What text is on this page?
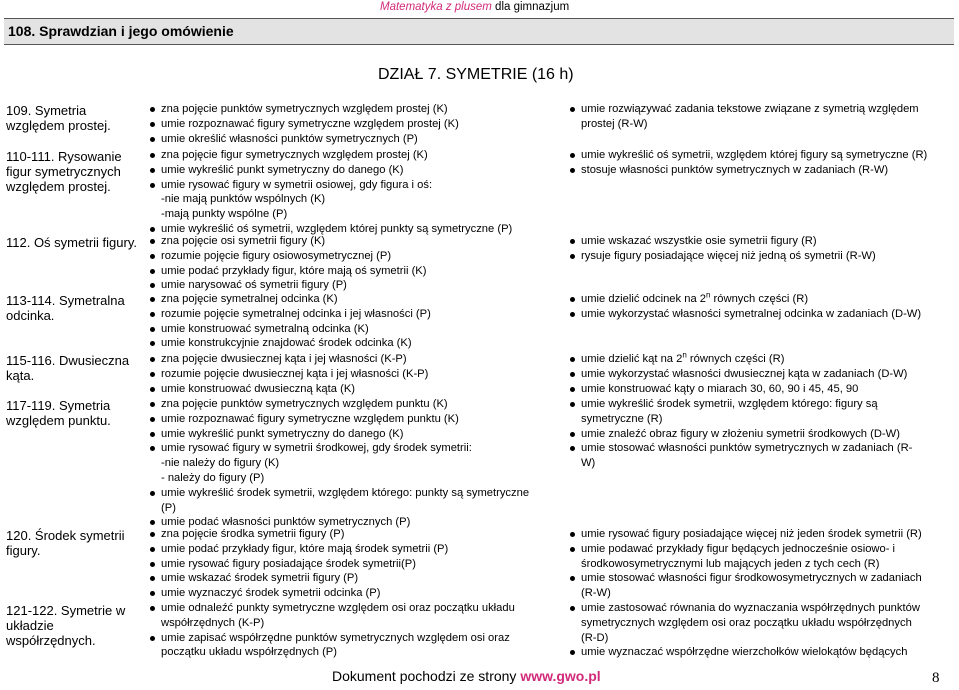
Matematyka z plusem dla gimnazjum
108. Sprawdzian i jego omówienie
DZIAŁ 7. SYMETRIE (16 h)
109. Symetria względem prostej.
zna pojęcie punktów symetrycznych względem prostej (K)
umie rozpoznawać figury symetryczne względem prostej (K)
umie określić własności punktów symetrycznych (P)
umie rozwiązywać zadania tekstowe związane z symetrią względem prostej (R-W)
110-111. Rysowanie figur symetrycznych względem prostej.
zna pojęcie figur symetrycznych względem prostej (K)
umie wykreślić punkt symetryczny do danego (K)
umie rysować figury w symetrii osiowej, gdy figura i oś:
-nie mają punktów wspólnych (K)
-mają punkty wspólne (P)
umie wykreślić oś symetrii, względem której punkty są symetryczne (P)
umie wykreślić oś symetrii, względem której figury są symetryczne (R)
stosuje własności punktów symetrycznych w zadaniach (R-W)
112. Oś symetrii figury.	zna pojęcie osi symetrii figury (K)
rozumie pojęcie figury osiowosymetrycznej (P)
umie podać przykłady figur, które mają oś symetrii (K)
umie narysować oś symetrii figury (P)
umie wskazać wszystkie osie symetrii figury (R)
rysuje figury posiadające więcej niż jedną oś symetrii (R-W)
113-114. Symetralna odcinka.
zna pojęcie symetralnej odcinka (K)
rozumie pojęcie symetralnej odcinka i jej własności (P)
umie konstruować symetralną odcinka (K)
umie konstrukcyjnie znajdować środek odcinka (K)
umie dzielić odcinek na 2$^n$ równych części (R)
umie wykorzystać własności symetralnej odcinka w zadaniach (D-W)
115-116. Dwusieczna kąta.
zna pojęcie dwusiecznej kąta i jej własności (K-P)
rozumie pojęcie dwusiecznej kąta i jej własności (K-P)
umie konstruować dwusieczną kąta (K)
umie dzielić kąt na 2$^n$ równych części (R)
umie wykorzystać własności dwusiecznej kąta w zadaniach (D-W)
umie konstruować kąty o miarach 30, 60, 90 i 45, 45, 90
117-119. Symetria względem punktu.
zna pojęcie punktów symetrycznych względem punktu (K)
umie rozpoznawać figury symetryczne względem punktu (K)
umie wykreślić punkt symetryczny do danego (K)
umie rysować figury w symetrii środkowej, gdy środek symetrii:
-nie należy do figury (K)
- należy do figury (P)
umie wykreślić środek symetrii, względem którego: punkty są symetryczne
(P)
umie podać własności punktów symetrycznych (P)
umie wykreślić środek symetrii, względem którego: figury są
symetryczne (R)
umie znaleźć obraz figury w złożeniu symetrii środkowych (D-W)
umie stosować własności punktów symetrycznych w zadaniach (R-
W)
120. Środek symetrii figury.
zna pojęcie środka symetrii figury (P)
umie podać przykłady figur, które mają środek symetrii (P)
umie rysować figury posiadające środek symetrii(P)
umie wskazać środek symetrii figury (P)
umie wyznaczyć środek symetrii odcinka (P)
umie rysować figury posiadające więcej niż jeden środek symetrii (R)
umie podawać przykłady figur będących jednocześnie osiowo- i
środkowosymetrycznymi lub mających jeden z tych cech (R)
umie stosować własności figur środkowosymetrycznych w zadaniach
(R-W)
121-122. Symetrie w układzie współrzędnych.
umie odnaleźć punkty symetryczne względem osi oraz początku układu
współrzędnych (K-P)
umie zapisać współrzędne punktów symetrycznych względem osi oraz
początku układu współrzędnych (P)
umie zastosować równania do wyznaczania współrzędnych punktów
symetrycznych względem osi oraz początku układu współrzędnych
(R-D)
umie wyznaczać współrzędne wierzchołków wielokątów będących
Dokument pochodzi ze strony www.gwo.pl	8
